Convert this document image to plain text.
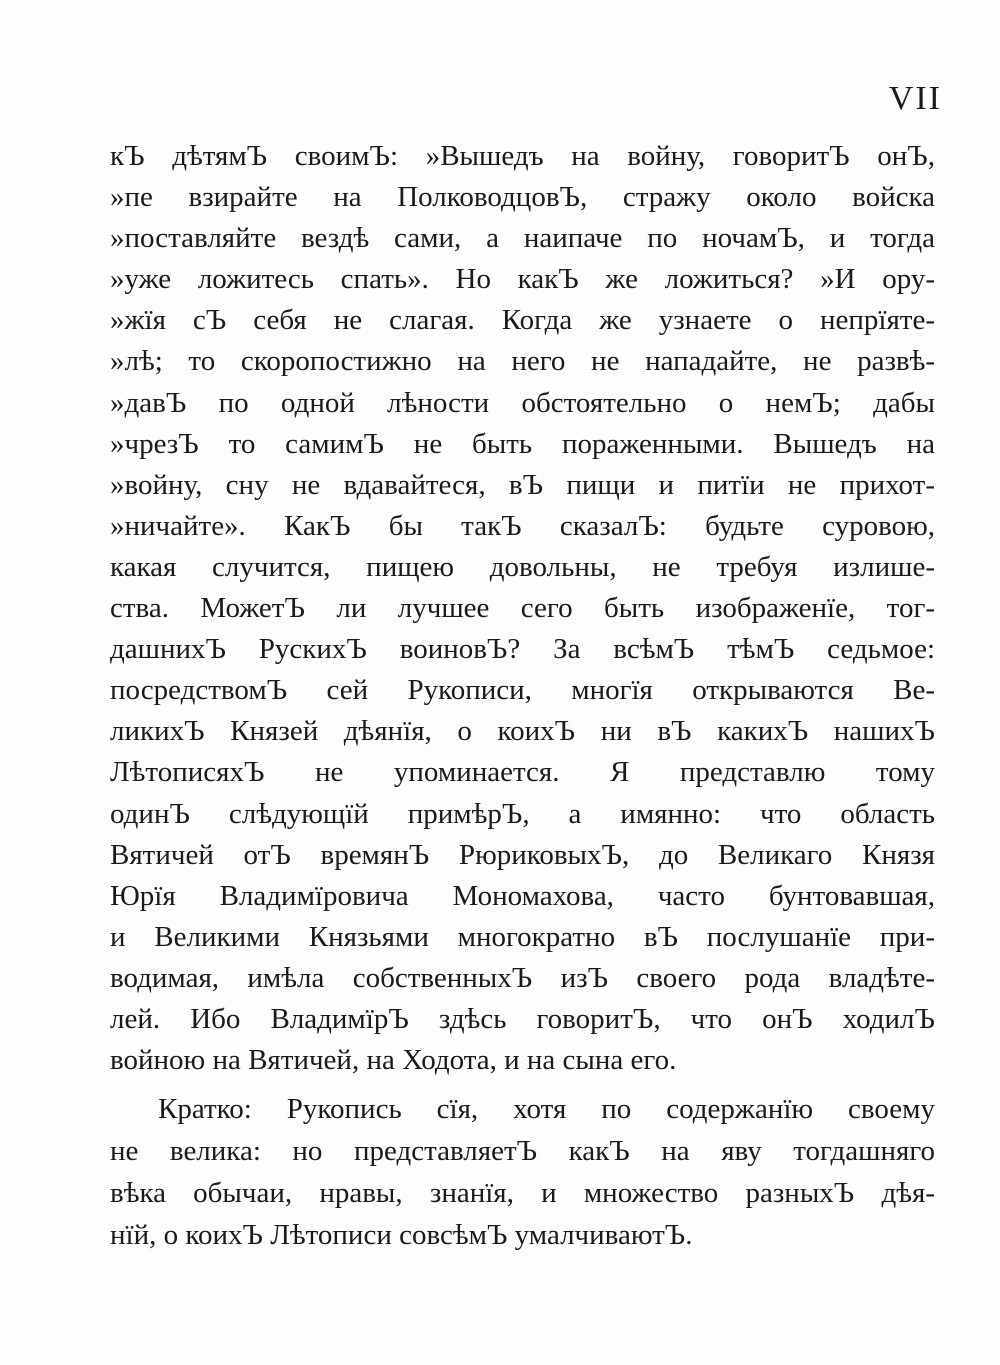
VII
кЪ дѣтямЪ своимЪ: »Вышедъ на войну, говоритЪ онЪ,
»пе взирайте на ПолководцовЪ, стражу около войска
»поставляйте вездѣ сами, а наипаче по ночамЪ, и тогда
»уже ложитесь спать». Но какЪ же ложиться? »И ору-
»жїя сЪ себя не слагая. Когда же узнаете о непрїяте-
»лѣ; то скоропостижно на него не нападайте, не развѣ-
»давЪ по одной лѣности обстоятельно о немЪ; дабы
»чрезЪ то самимЪ не быть пораженными. Вышедъ на
»войну, сну не вдавайтеся, вЪ пищи и питїи не прихот-
»ничайте». КакЪ бы такЪ сказалЪ: будьте суровою,
какая случится, пищею довольны, не требуя излише-
ства. МожетЪ ли лучшее сего быть изображенїе, тог-
дашнихЪ РускихЪ воиновЪ? За всѣмЪ тѣмЪ седьмое:
посредствомЪ сей Рукописи, многїя открываются Ве-
ликихЪ Князей дѣянїя, о коихЪ ни вЪ какихЪ нашихЪ
ЛѣтописяхЪ не упоминается. Я представлю тому
одинЪ слѣдующїй примѣрЪ, а имянно: что область
Вятичей отЪ времянЪ РюриковыхЪ, до Великаго Князя
Юрїя Владимїровича Мономахова, часто бунтовавшая,
и Великими Князьями многократно вЪ послушанїе при-
водимая, имѣла собственныхЪ изЪ своего рода владѣте-
лей. Ибо ВладимїрЪ здѣсь говоритЪ, что онЪ ходилЪ
войною на Вятичей, на Ходота, и на сына его.
Кратко: Рукопись сїя, хотя по содержанїю своему
не велика: но представляетЪ какЪ на яву тогдашняго
вѣка обычаи, нравы, знанїя, и множество разныхЪ дѣя-
нїй, о коихЪ Лѣтописи совсѣмЪ умалчиваютЪ.
